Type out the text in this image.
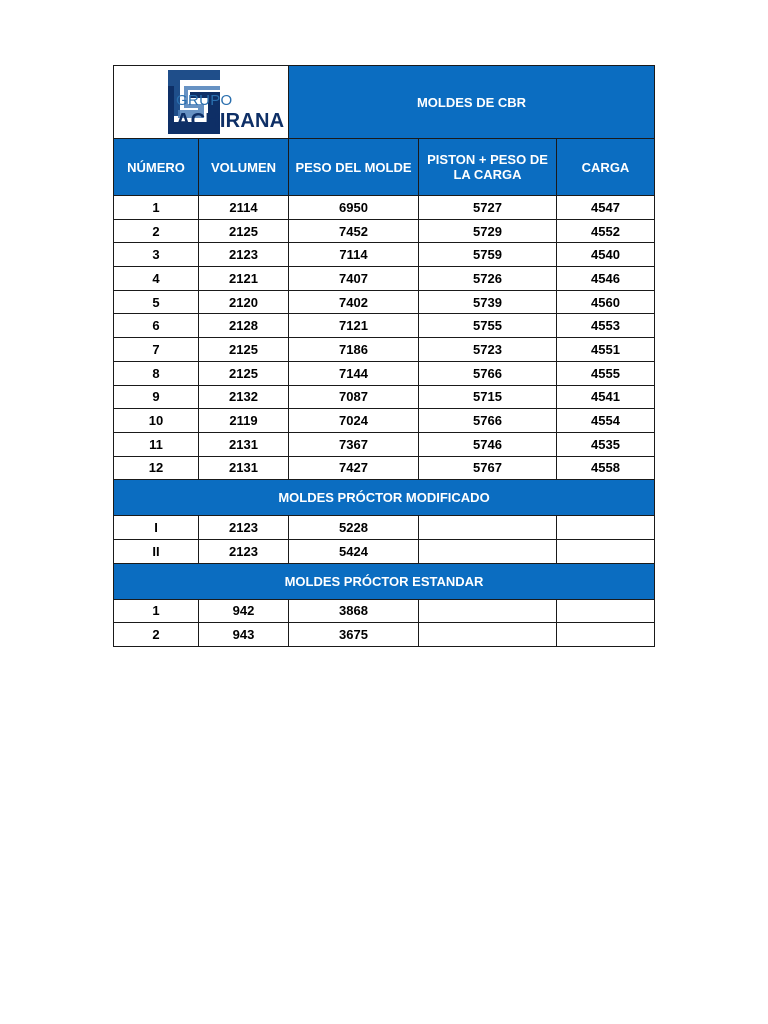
GRUPO
ACHIRANA		MOLDES DE CBR		
NÚMERO	VOLUMEN	PESO DEL MOLDE	PISTON + PESO DE LA CARGA	CARGA
1	2114	6950	5727	4547
2	2125	7452	5729	4552
3	2123	7114	5759	4540
4	2121	7407	5726	4546
5	2120	7402	5739	4560
6	2128	7121	5755	4553
7	2125	7186	5723	4551
8	2125	7144	5766	4555
9	2132	7087	5715	4541
10	2119	7024	5766	4554
11	2131	7367	5746	4535
12	2131	7427	5767	4558
MOLDES PRÓCTOR MODIFICADO				
I	2123	5228		
II	2123	5424		
MOLDES PRÓCTOR ESTANDAR				
1	942	3868		
2	943	3675		
